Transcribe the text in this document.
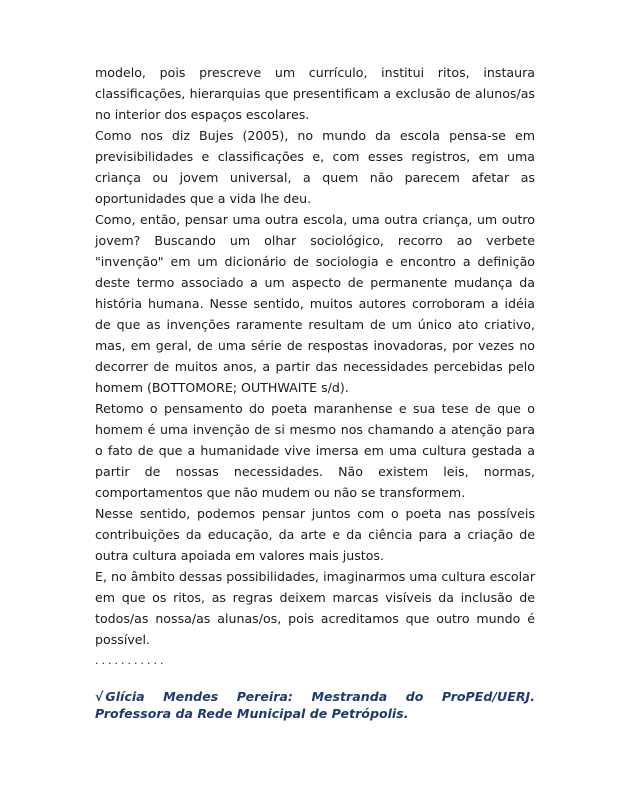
modelo, pois prescreve um currículo, institui ritos, instaura classificações, hierarquias que presentificam a exclusão de alunos/as no interior dos espaços escolares.

Como nos diz Bujes (2005), no mundo da escola pensa-se em previsibilidades e classificações e, com esses registros, em uma criança ou jovem universal, a quem não parecem afetar as oportunidades que a vida lhe deu.

Como, então, pensar uma outra escola, uma outra criança, um outro jovem? Buscando um olhar sociológico, recorro ao verbete "invenção" em um dicionário de sociologia e encontro a definição deste termo associado a um aspecto de permanente mudança da história humana. Nesse sentido, muitos autores corroboram a idéia de que as invenções raramente resultam de um único ato criativo, mas, em geral, de uma série de respostas inovadoras, por vezes no decorrer de muitos anos, a partir das necessidades percebidas pelo homem (BOTTOMORE; OUTHWAITE s/d).

Retomo o pensamento do poeta maranhense e sua tese de que o homem é uma invenção de si mesmo nos chamando a atenção para o fato de que a humanidade vive imersa em uma cultura gestada a partir de nossas necessidades. Não existem leis, normas, comportamentos que não mudem ou não se transformem.

Nesse sentido, podemos pensar juntos com o poeta nas possíveis contribuições da educação, da arte e da ciência para a criação de outra cultura apoiada em valores mais justos.

E, no âmbito dessas possibilidades, imaginarmos uma cultura escolar em que os ritos, as regras deixem marcas visíveis da inclusão de todos/as nossa/as alunas/os, pois acreditamos que outro mundo é possível.

...........

√ Glícia Mendes Pereira: Mestranda do ProPEd/UERJ. Professora da Rede Municipal de Petrópolis.
